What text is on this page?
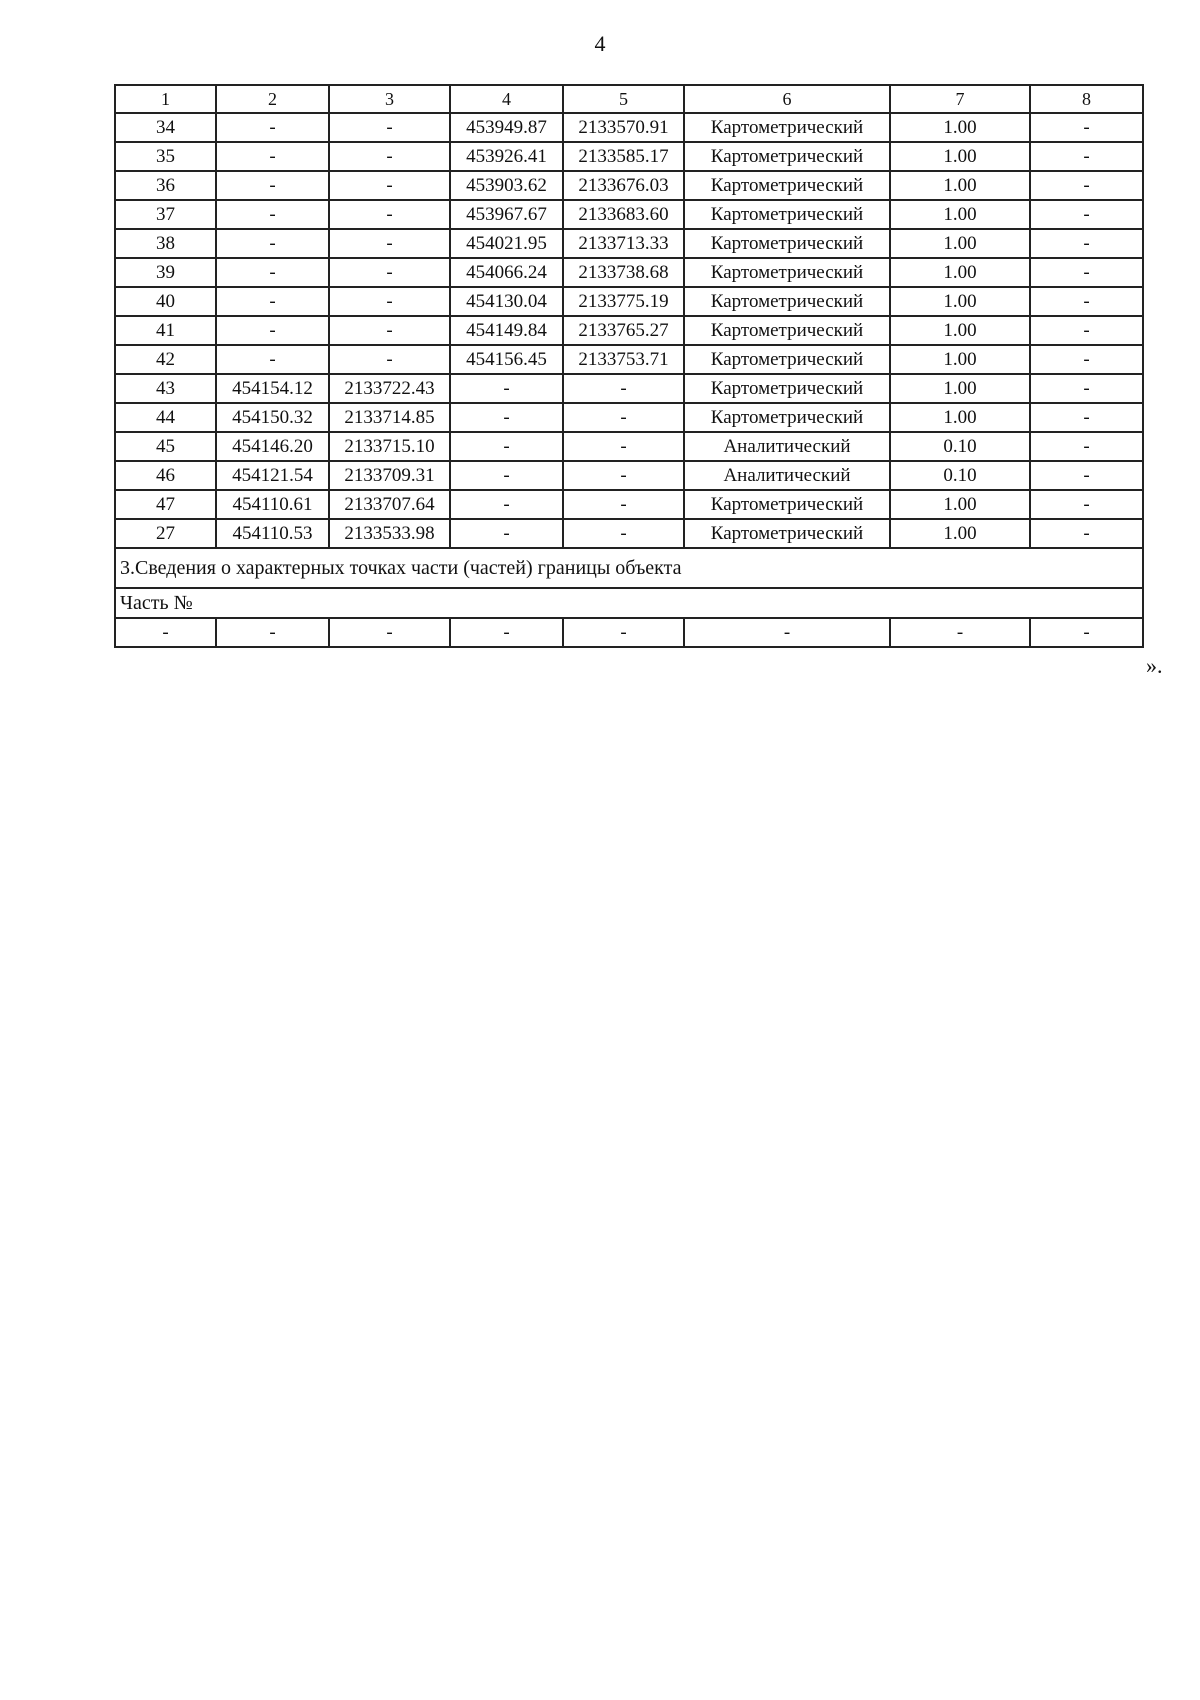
4
1	2	3	4	5	6	7	8
34	-	-	453949.87	2133570.91	Картометрический	1.00	-
35	-	-	453926.41	2133585.17	Картометрический	1.00	-
36	-	-	453903.62	2133676.03	Картометрический	1.00	-
37	-	-	453967.67	2133683.60	Картометрический	1.00	-
38	-	-	454021.95	2133713.33	Картометрический	1.00	-
39	-	-	454066.24	2133738.68	Картометрический	1.00	-
40	-	-	454130.04	2133775.19	Картометрический	1.00	-
41	-	-	454149.84	2133765.27	Картометрический	1.00	-
42	-	-	454156.45	2133753.71	Картометрический	1.00	-
43	454154.12	2133722.43	-	-	Картометрический	1.00	-
44	454150.32	2133714.85	-	-	Картометрический	1.00	-
45	454146.20	2133715.10	-	-	Аналитический	0.10	-
46	454121.54	2133709.31	-	-	Аналитический	0.10	-
47	454110.61	2133707.64	-	-	Картометрический	1.00	-
27	454110.53	2133533.98	-	-	Картометрический	1.00	-
3.Сведения о характерных точках части (частей) границы объекта							
Часть №							
-	-	-	-	-	-	-	-
».
